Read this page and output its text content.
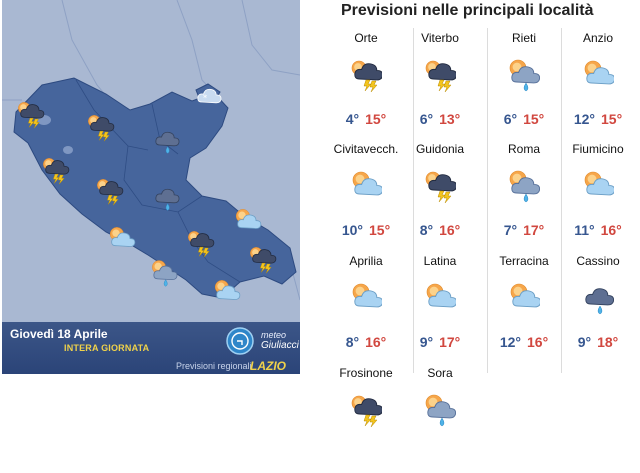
*
Giovedì 18 Aprile
INTERA GIORNATA
meteo
Giuliacci
Previsioni regionali
LAZIO
Previsioni nelle principali località
Orte
4° 15°
Viterbo
6° 13°
Rieti
6° 15°
Anzio
12° 15°
Civitavecch.
10° 15°
Guidonia
8° 16°
Roma
7° 17°
Fiumicino
11° 16°
Aprilia
8° 16°
Latina
9° 17°
Terracina
12° 16°
Cassino
9° 18°
Frosinone	Sora
